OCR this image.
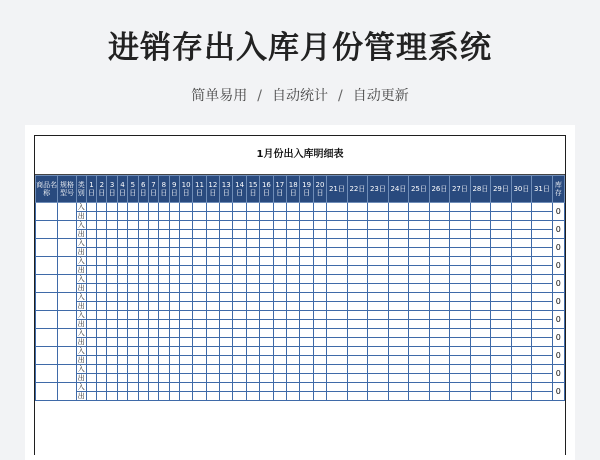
进销存出入库月份管理系统
简单易用 / 自动统计 / 自动更新
1月份出入库明细表
商品名称	规格型号	类别	1日	2日	3日	4日	5日	6日	7日	8日	9日	10日	11日	12日	13日	14日	15日	16日	17日	18日	19日	20日	21日	22日	23日	24日	25日	26日	27日	28日	29日	30日	31日	库存
		入																																0
		出																																
		入																																0
		出																																
		入																																0
		出																																
		入																																0
		出																																
		入																																0
		出																																
		入																																0
		出																																
		入																																0
		出																																
		入																																0
		出																																
		入																																0
		出																																
		入																																0
		出																																
		入																																0
		出																																
